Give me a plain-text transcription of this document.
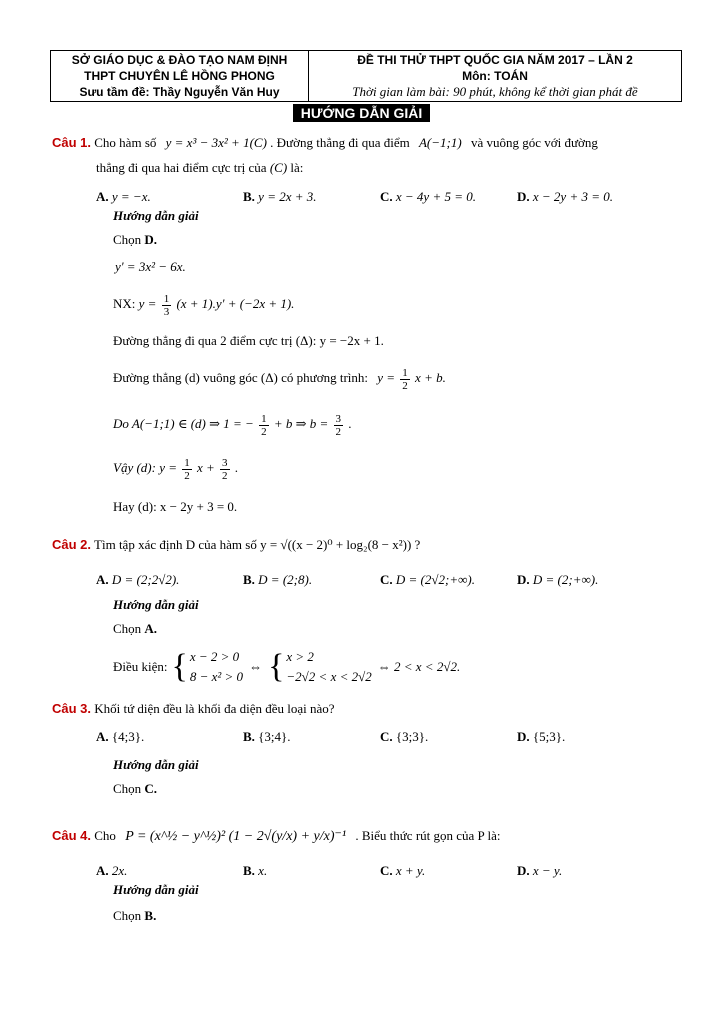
SỞ GIÁO DỤC & ĐÀO TẠO NAM ĐỊNH
THPT CHUYÊN LÊ HỒNG PHONG
Sưu tầm đề: Thầy Nguyễn Văn Huy
ĐỀ THI THỬ THPT QUỐC GIA NĂM 2017 – LẦN 2
Môn: TOÁN
Thời gian làm bài: 90 phút, không kể thời gian phát đề
HƯỚNG DẪN GIẢI
Câu 1. Cho hàm số y = x³ − 3x² + 1(C) . Đường thẳng đi qua điểm A(−1;1) và vuông góc với đường
thẳng đi qua hai điểm cực trị của (C) là:
A. y = −x.	B. y = 2x + 3.	C. x − 4y + 5 = 0.	D. x − 2y + 3 = 0.
Hướng dẫn giải
Chọn D.
y' = 3x² − 6x.
NX: $y = \frac{1}{3} (x + 1).y' + (-2x + 1)$.
Đường thẳng đi qua 2 điểm cực trị (Δ): y = −2x + 1.
Đường thẳng (d) vuông góc (Δ) có phương trình: $y = \frac{1}{2}$ x + b.
Do A(−1;1) ∈ (d) ⇒ 1 = − $\frac{1}{2} + b$ ⇒ $b = \frac{3}{2}$ .
Vậy (d): $y = \frac{1}{2}$ $x + \frac{3}{2}$ .
Hay (d): x − 2y + 3 = 0.
Câu 2. Tìm tập xác định D của hàm số y = √((x − 2)⁰ + log₂(8 − x²)) ?
A. D = (2;2√2).	B. D = (2;8).	C. D = (2√2;+∞).	D. D = (2;+∞).
Hướng dẫn giải
Chọn A.
Điều kiện: { x − 2 > 0
8 − x² > 0
⇔ { x > 2
−2√2 < x < 2√2
⇔ 2 < x < 2√2.
Câu 3. Khối tứ diện đều là khối đa diện đều loại nào?
A. {4;3}.	B. {3;4}.	C. {3;3}.	D. {5;3}.
Hướng dẫn giải
Chọn C.
Câu 4. Cho P = (x^½ − y^½)² (1 − 2√(y/x) + y/x)⁻¹ . Biểu thức rút gọn của P là:
A. 2x.	B. x.	C. x + y.	D. x − y.
Hướng dẫn giải
Chọn B.
